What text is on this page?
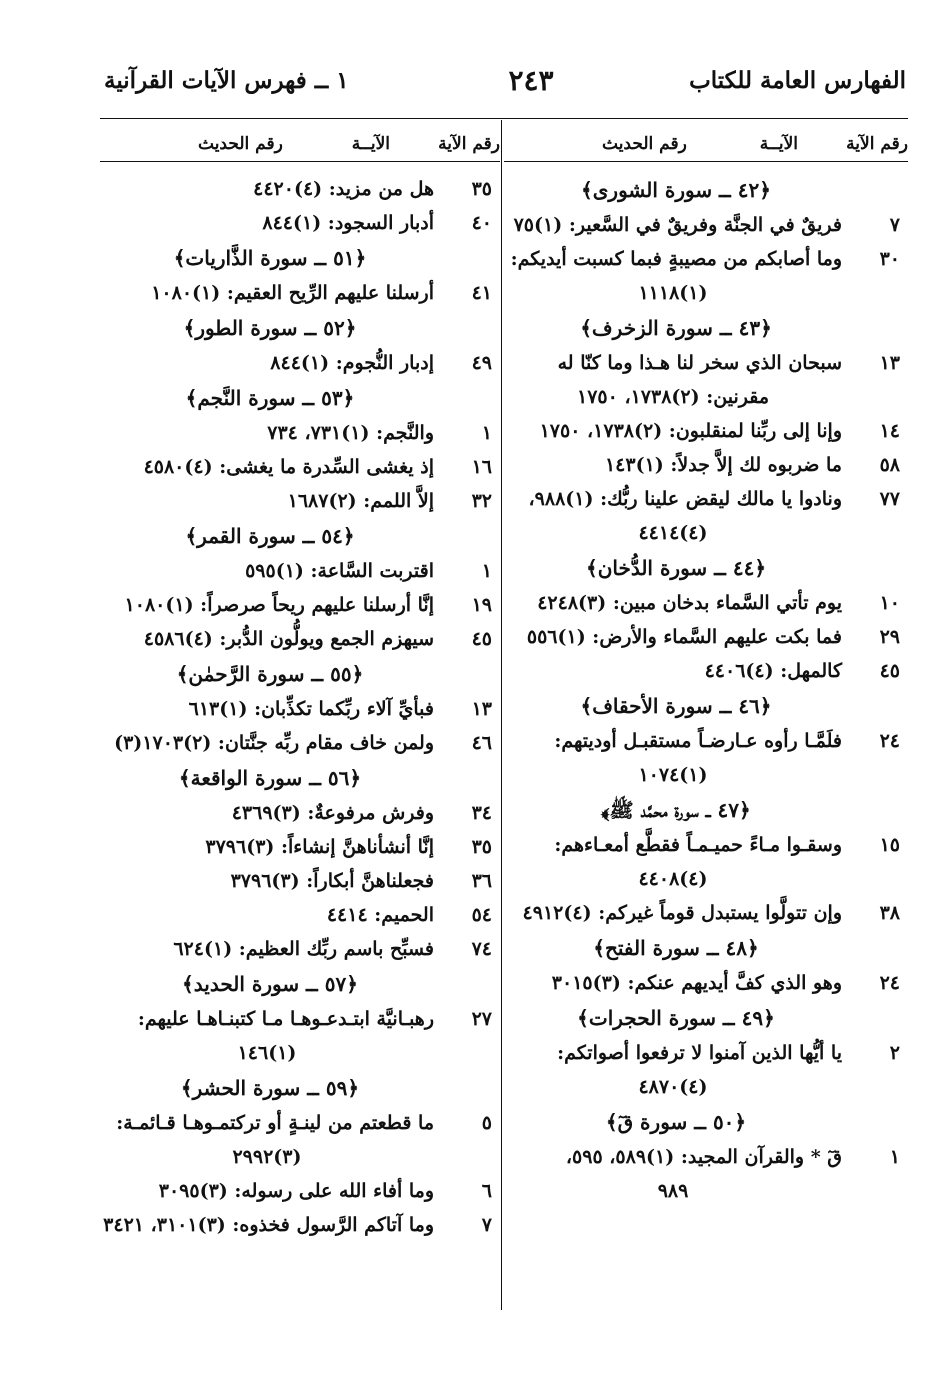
الفهارس العامة للكتاب
٢٤٣
١ ــ فهرس الآيات القرآنية
رقم الآية
الآيــة
رقم الحديث
﴿٤٢ ــ سورة الشورى﴾
٧
فريقٌ في الجنَّة وفريقٌ في السَّعير: (١)٧٥
٣٠
وما أصابكم من مصيبةٍ فبما كسبت أيديكم:
(١)١١١٨
﴿٤٣ ــ سورة الزخرف﴾
١٣
سبحان الذي سخر لنا هـذا وما كنّا له
مقرنين: (٢)١٧٣٨، ١٧٥٠
١٤
وإنا إلى ربِّنا لمنقلبون: (٢)١٧٣٨، ١٧٥٠
٥٨
ما ضربوه لك إلاَّ جدلاً: (١)١٤٣
٧٧
ونادوا يا مالك ليقض علينا ربُّك: (١)٩٨٨،
(٤)٤٤١٤
﴿٤٤ ــ سورة الدُّخان﴾
١٠
يوم تأتي السَّماء بدخان مبين: (٣)٤٢٤٨
٢٩
فما بكت عليهم السَّماء والأرض: (١)٥٥٦
٤٥
كالمهل: (٤)٤٤٠٦
﴿٤٦ ــ سورة الأحقاف﴾
٢٤
فلَمَّـا رأوه عـارضـاً مستقبـل أوديتهم:
(١)١٠٧٤
﴿٤٧ ــ سورة محمَّد ﷺ﴾
١٥
وسقـوا مـاءً حميـمـاً فقطَّع أمعـاءهم:
(٤)٤٤٠٨
٣٨
وإن تتولَّوا يستبدل قوماً غيركم: (٤)٤٩١٢
﴿٤٨ ــ سورة الفتح﴾
٢٤
وهو الذي كفَّ أيديهم عنكم: (٣)٣٠١٥
﴿٤٩ ــ سورة الحجرات﴾
٢
يا أيُّها الذين آمنوا لا ترفعوا أصواتكم:
(٤)٤٨٧٠
﴿٥٠ ــ سورة قٓ﴾
١
قٓ * والقرآن المجيد: (١)٥٨٩، ٥٩٥،
٩٨٩
رقم الآية
الآيــة
رقم الحديث
٣٥
هل من مزيد: (٤)٤٤٢٠
٤٠
أدبار السجود: (١)٨٤٤
﴿٥١ ــ سورة الذَّاريات﴾
٤١
أرسلنا عليهم الرِّيح العقيم: (١)١٠٨٠
﴿٥٢ ــ سورة الطور﴾
٤٩
إدبار النُّجوم: (١)٨٤٤
﴿٥٣ ــ سورة النَّجم﴾
١
والنَّجم: (١)٧٣١، ٧٣٤
١٦
إذ يغشى السِّدرة ما يغشى: (٤)٤٥٨٠
٣٢
إلاَّ اللمم: (٢)١٦٨٧
﴿٥٤ ــ سورة القمر﴾
١
اقتربت السَّاعة: (١)٥٩٥
١٩
إنَّا أرسلنا عليهم ريحاً صرصراً: (١)١٠٨٠
٤٥
سيهزم الجمع ويولُّون الدُّبر: (٤)٤٥٨٦
﴿٥٥ ــ سورة الرَّحمٰن﴾
١٣
فبأيِّ آلاء ربِّكما تكذِّبان: (١)٦١٣
٤٦
ولمن خاف مقام ربِّه جنَّتان: (٢)١٧٠٣(٣)
﴿٥٦ ــ سورة الواقعة﴾
٣٤
وفرش مرفوعةٌ: (٣)٤٣٦٩
٣٥
إنَّا أنشأناهنَّ إنشاءاً: (٣)٣٧٩٦
٣٦
فجعلناهنَّ أبكاراً: (٣)٣٧٩٦
٥٤
الحميم: ٤٤١٤
٧٤
فسبِّح باسم ربِّك العظيم: (١)٦٢٤
﴿٥٧ ــ سورة الحديد﴾
٢٧
رهبـانيَّة ابتـدعـوهـا مـا كتبنـاهـا عليهم:
(١)١٤٦
﴿٥٩ ــ سورة الحشر﴾
٥
ما قطعتم من لينـةٍ أو تركتمـوهـا قـائمـة:
(٣)٢٩٩٢
٦
وما أفاء الله على رسوله: (٣)٣٠٩٥
٧
وما آتاكم الرَّسول فخذوه: (٣)٣١٠١، ٣٤٢١
